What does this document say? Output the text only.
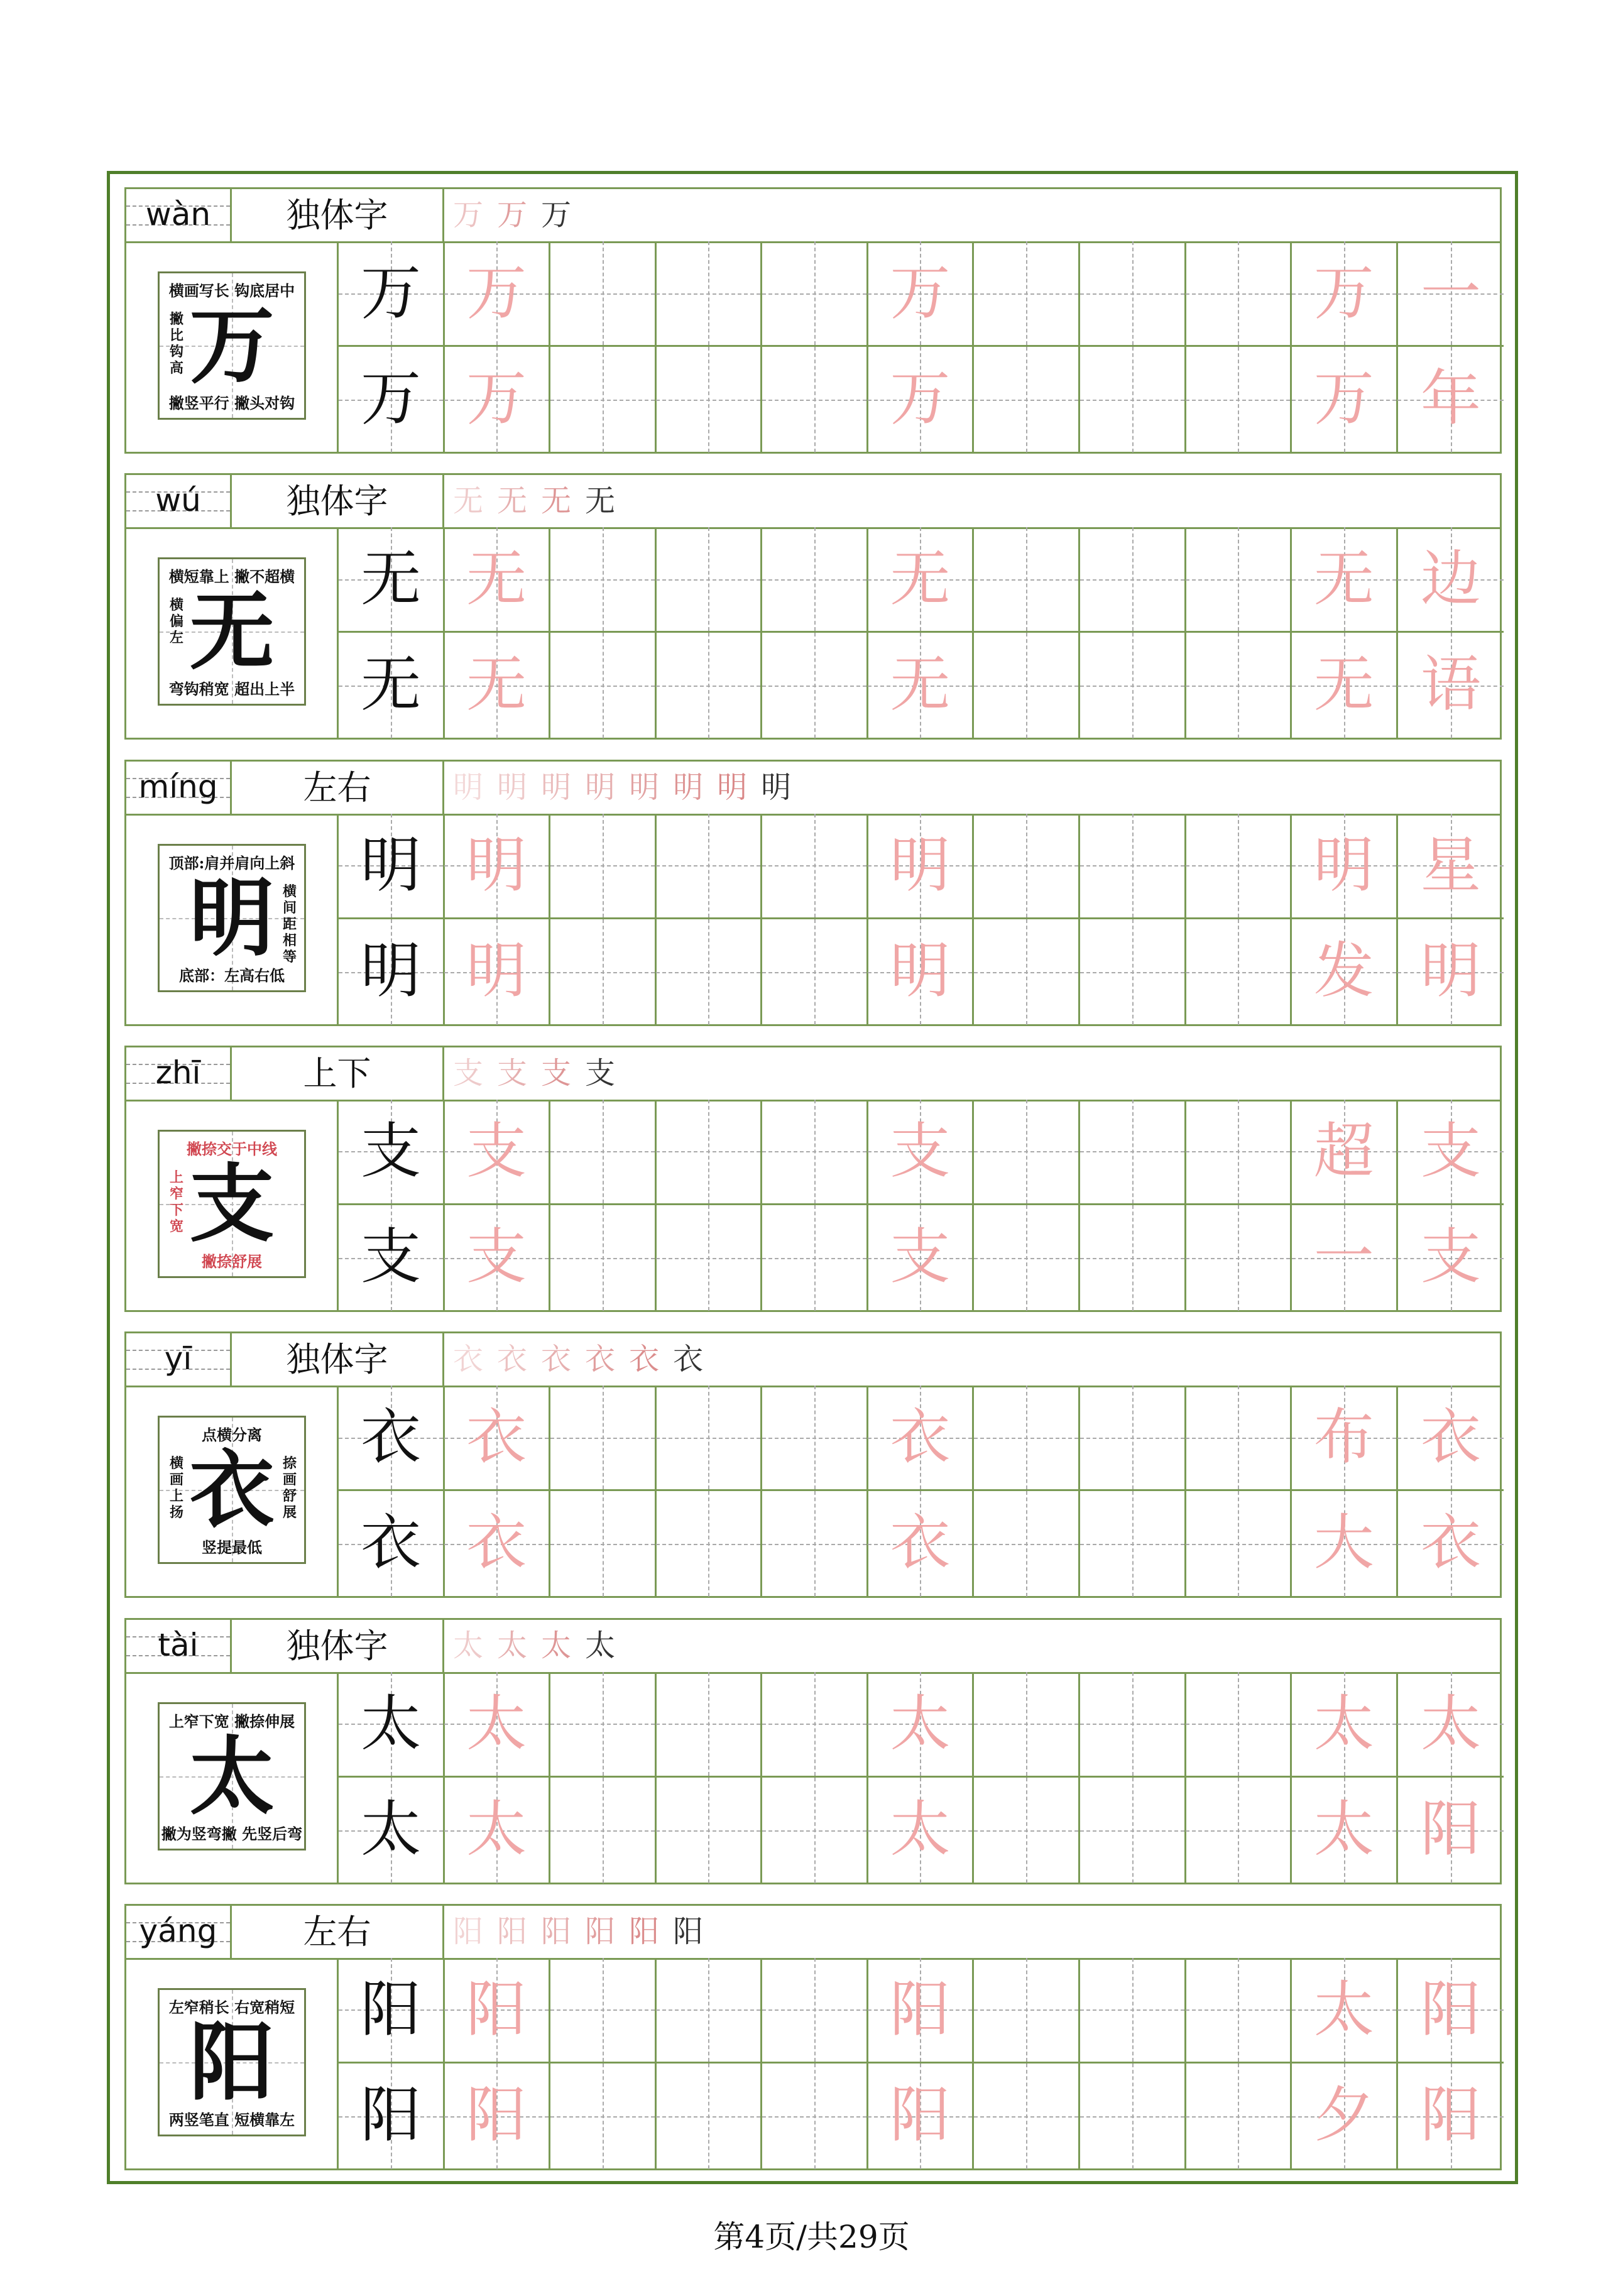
wàn	独体字	万 万 万
万
横画写长 钩底居中
撇竖平行 撇头对钩
撇比钩高
万 万	万	万 一
万 万	万	万 年
wú	独体字	无 无 无 无
无
横短靠上 撇不超横
弯钩稍宽 超出上半
横偏左
无 无	无	无 边
无 无	无	无 语
míng	左右	明 明 明 明 明 明 明 明
明
顶部:肩并肩向上斜
底部：左高右低
横间距相等
明 明	明	明 星
明 明	明	发 明
zhī	上下	支 支 支 支
支
撇捺交于中线
撇捺舒展
上窄下宽
支 支	支	超 支
支 支	支	一 支
yī	独体字	衣 衣 衣 衣 衣 衣
衣
点横分离
竖提最低
横画上扬
捺画舒展
衣 衣	衣	布 衣
衣 衣	衣	大 衣
tài	独体字	太 太 太 太
太
上窄下宽 撇捺伸展
撇为竖弯撇 先竖后弯
太 太	太	太 太
太 太	太	太 阳
yáng	左右	阳 阳 阳 阳 阳 阳
阳
左窄稍长 右宽稍短
两竖笔直 短横靠左
阳 阳	阳	太 阳
阳 阳	阳	夕 阳
第4页/共29页
